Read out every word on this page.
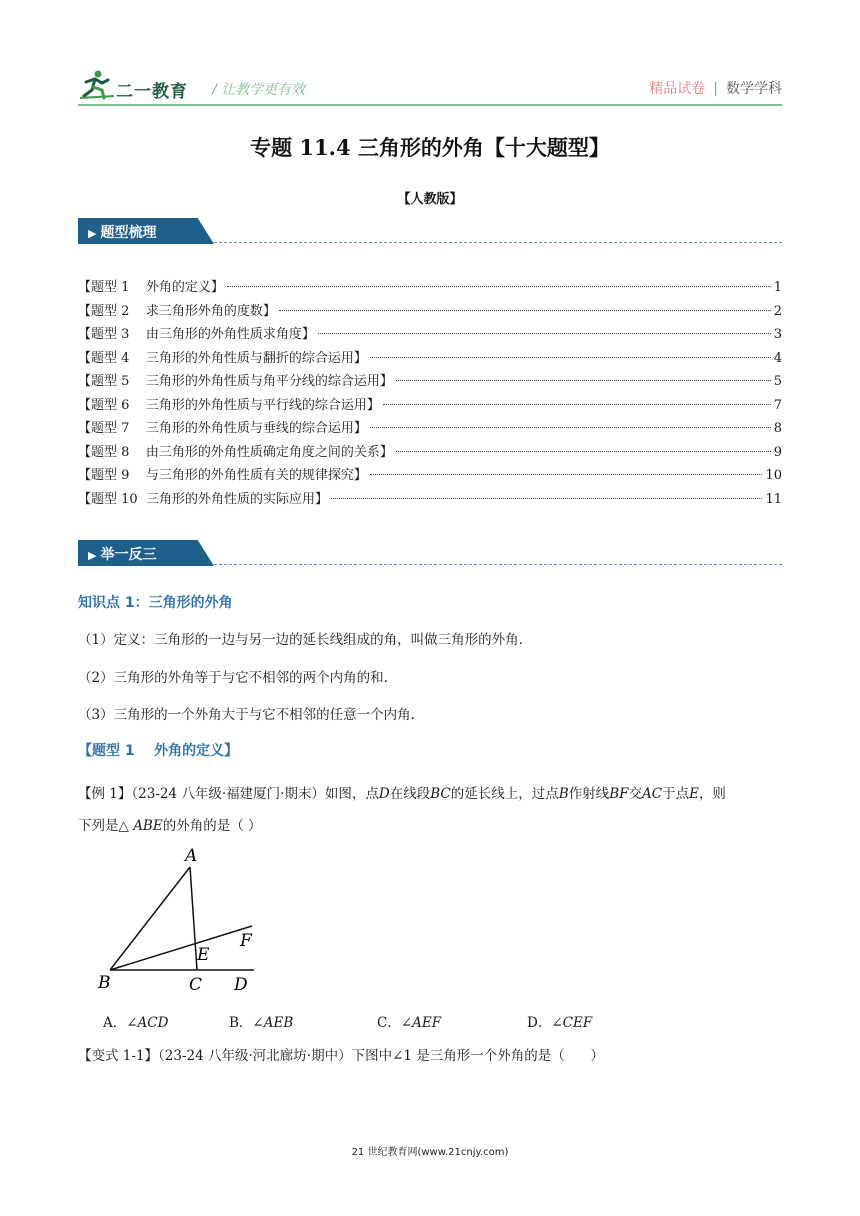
二一教育 / 让教学更有效	精品试卷 | 数学学科
专题 11.4 三角形的外角【十大题型】
【人教版】
▶ 题型梳理
【题型 1    外角的定义】	1
【题型 2    求三角形外角的度数】	2
【题型 3    由三角形的外角性质求角度】	3
【题型 4    三角形的外角性质与翻折的综合运用】	4
【题型 5    三角形的外角性质与角平分线的综合运用】	5
【题型 6    三角形的外角性质与平行线的综合运用】	7
【题型 7    三角形的外角性质与垂线的综合运用】	8
【题型 8    由三角形的外角性质确定角度之间的关系】	9
【题型 9    与三角形的外角性质有关的规律探究】	10
【题型 10  三角形的外角性质的实际应用】	11
▶ 举一反三
知识点 1：三角形的外角
（1）定义：三角形的一边与另一边的延长线组成的角，叫做三角形的外角.
（2）三角形的外角等于与它不相邻的两个内角的和.
（3）三角形的一个外角大于与它不相邻的任意一个内角.
【题型 1    外角的定义】
【例 1】（23-24 八年级·福建厦门·期末）如图，点D在线段BC的延长线上，过点B作射线BF交AC于点E，则
下列是△ ABE的外角的是（ ）
A
B	C D
E
F
A．∠ACD	B．∠AEB	C．∠AEF	D．∠CEF
【变式 1-1】（23-24 八年级·河北廊坊·期中）下图中∠1 是三角形一个外角的是（      ）
21 世纪教育网(www.21cnjy.com)
